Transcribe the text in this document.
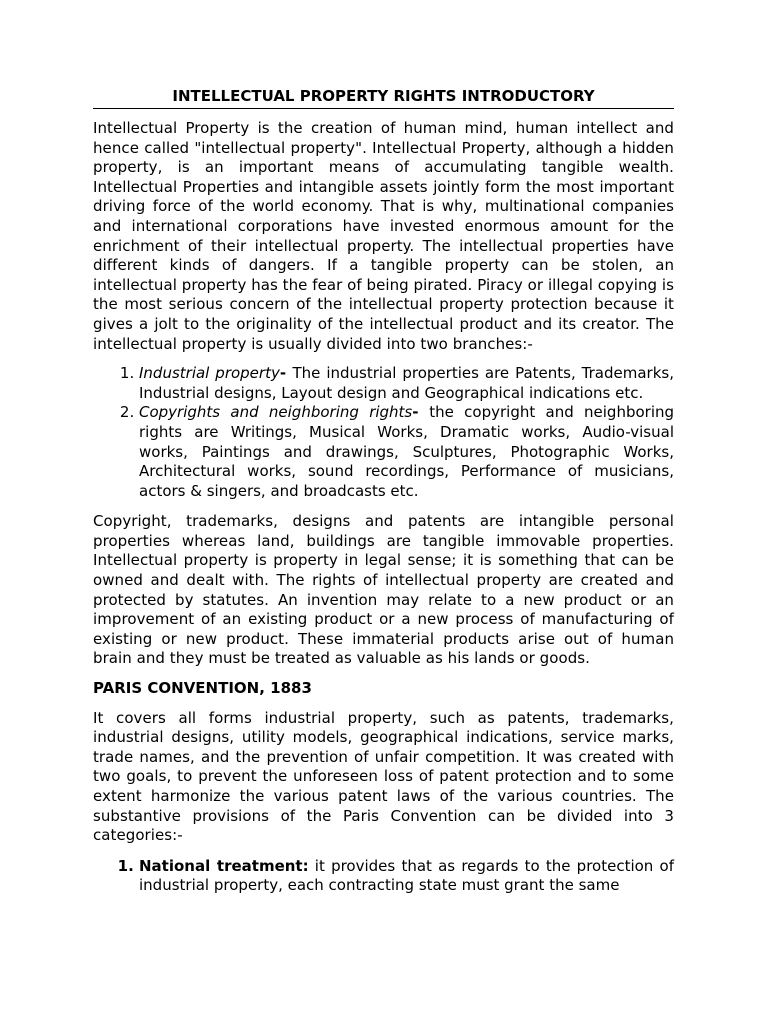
INTELLECTUAL PROPERTY RIGHTS INTRODUCTORY

Intellectual Property is the creation of human mind, human intellect and hence called "intellectual property". Intellectual Property, although a hidden property, is an important means of accumulating tangible wealth. Intellectual Properties and intangible assets jointly form the most important driving force of the world economy. That is why, multinational companies and international corporations have invested enormous amount for the enrichment of their intellectual property. The intellectual properties have different kinds of dangers. If a tangible property can be stolen, an intellectual property has the fear of being pirated. Piracy or illegal copying is the most serious concern of the intellectual property protection because it gives a jolt to the originality of the intellectual product and its creator. The intellectual property is usually divided into two branches:-

1. Industrial property- The industrial properties are Patents, Trademarks, Industrial designs, Layout design and Geographical indications etc.
2. Copyrights and neighboring rights- the copyright and neighboring rights are Writings, Musical Works, Dramatic works, Audio-visual works, Paintings and drawings, Sculptures, Photographic Works, Architectural works, sound recordings, Performance of musicians, actors & singers, and broadcasts etc.

Copyright, trademarks, designs and patents are intangible personal properties whereas land, buildings are tangible immovable properties. Intellectual property is property in legal sense; it is something that can be owned and dealt with. The rights of intellectual property are created and protected by statutes. An invention may relate to a new product or an improvement of an existing product or a new process of manufacturing of existing or new product. These immaterial products arise out of human brain and they must be treated as valuable as his lands or goods.

PARIS CONVENTION, 1883

It covers all forms industrial property, such as patents, trademarks, industrial designs, utility models, geographical indications, service marks, trade names, and the prevention of unfair competition. It was created with two goals, to prevent the unforeseen loss of patent protection and to some extent harmonize the various patent laws of the various countries. The substantive provisions of the Paris Convention can be divided into 3 categories:-

1. National treatment: it provides that as regards to the protection of industrial property, each contracting state must grant the same
